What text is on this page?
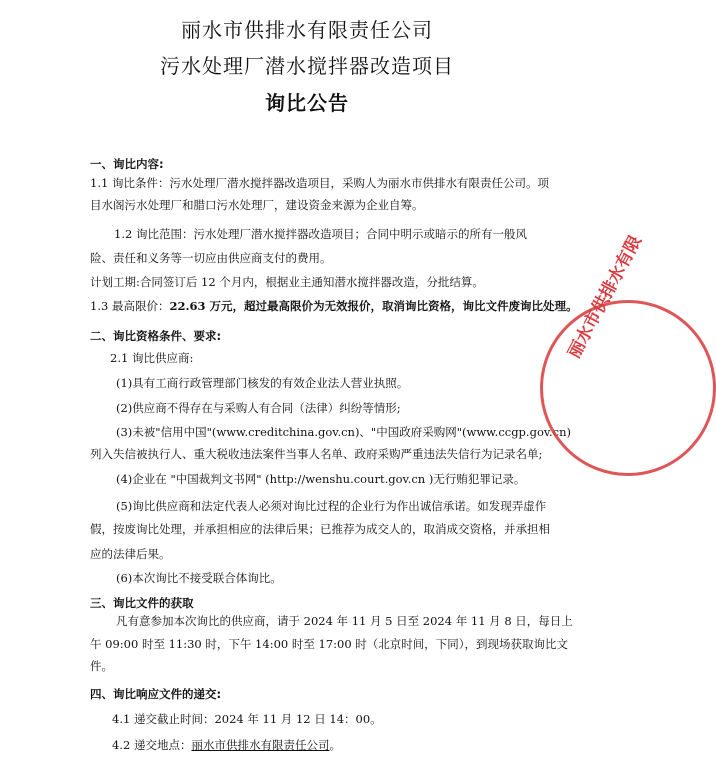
丽水市供排水有限责任公司
污水处理厂潜水搅拌器改造项目
询比公告
一、询比内容:
1.1 询比条件：污水处理厂潜水搅拌器改造项目，采购人为丽水市供排水有限责任公司。项
目水阁污水处理厂和腊口污水处理厂，建设资金来源为企业自筹。
1.2 询比范围：污水处理厂潜水搅拌器改造项目；合同中明示或暗示的所有一般风
险、责任和义务等一切应由供应商支付的费用。
计划工期:合同签订后 12 个月内，根据业主通知潜水搅拌器改造，分批结算。
1.3 最高限价：22.63 万元，超过最高限价为无效报价，取消询比资格，询比文件废询比处理。
二、询比资格条件、要求:
2.1 询比供应商:
(1)具有工商行政管理部门核发的有效企业法人营业执照。
(2)供应商不得存在与采购人有合同（法律）纠纷等情形;
(3)未被"信用中国"(www.creditchina.gov.cn)、"中国政府采购网"(www.ccgp.gov.cn)
列入失信被执行人、重大税收违法案件当事人名单、政府采购严重违法失信行为记录名单;
(4)企业在 "中国裁判文书网" (http://wenshu.court.gov.cn )无行贿犯罪记录。
(5)询比供应商和法定代表人必须对询比过程的企业行为作出诚信承诺。如发现弄虚作
假，按废询比处理，并承担相应的法律后果；已推荐为成交人的，取消成交资格，并承担相
应的法律后果。
(6)本次询比不接受联合体询比。
三、询比文件的获取
凡有意参加本次询比的供应商，请于 2024 年 11 月 5 日至 2024 年 11 月 8 日，每日上
午 09:00 时至 11:30 时，下午 14:00 时至 17:00 时（北京时间，下同），到现场获取询比文
件。
四、询比响应文件的递交:
4.1 递交截止时间：2024 年 11 月 12 日 14：00。
4.2 递交地点：丽水市供排水有限责任公司。
丽水市供排水有限
